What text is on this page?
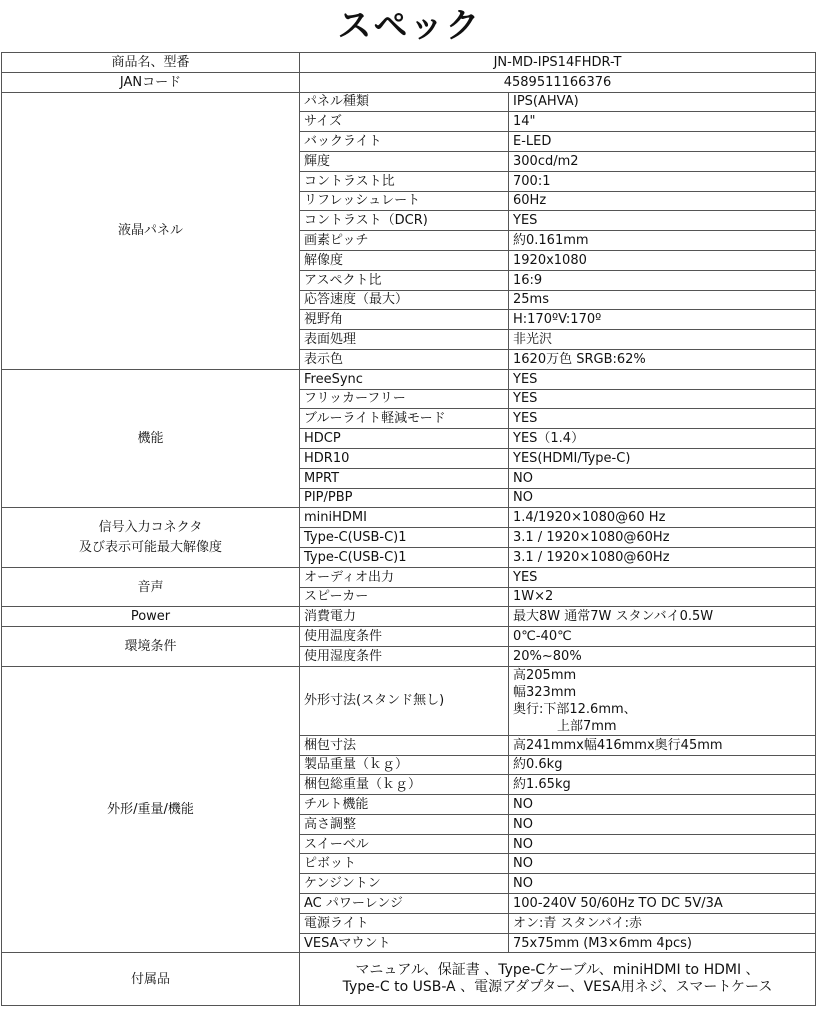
スペック
商品名、型番	JN-MD-IPS14FHDR-T	
JANコード	4589511166376	
液晶パネル	パネル種類	IPS(AHVA)
	サイズ	14"
	バックライト	E-LED
	輝度	300cd/m2
	コントラスト比	700:1
	リフレッシュレート	60Hz
	コントラスト（DCR)	YES
	画素ピッチ	約0.161mm
	解像度	1920x1080
	アスペクト比	16:9
	応答速度（最大）	25ms
	視野角	H:170ºV:170º
	表面処理	非光沢
	表示色	1620万色 SRGB:62%
機能	FreeSync	YES
	フリッカーフリー	YES
	ブルーライト軽減モード	YES
	HDCP	YES（1.4）
	HDR10	YES(HDMI/Type-C)
	MPRT	NO
	PIP/PBP	NO

信号入力コネクタ
及び表示可能最大解像度	miniHDMI	1.4/1920×1080@60 Hz
	Type-C(USB-C)1	3.1 / 1920×1080@60Hz
	Type-C(USB-C)1	3.1 / 1920×1080@60Hz
音声	オーディオ出力	YES
	スピーカー	1W×2
Power	消費電力	最大8W 通常7W スタンバイ0.5W
環境条件	使用温度条件	0℃-40℃
	使用湿度条件	20%~80%
外形/重量/機能	外形寸法(スタンド無し)	高205mm
幅323mm
奥行:下部12.6mm、
上部7mm

	梱包寸法	高241mmx幅416mmx奥行45mm
	製品重量（ｋｇ）	約0.6kg
	梱包総重量（ｋｇ）	約1.65kg
	チルト機能	NO
	高さ調整	NO
	スイーベル	NO
	ピボット	NO
	ケンジントン	NO
	AC パワーレンジ	100-240V 50/60Hz TO DC 5V/3A
	電源ライト	オン:青 スタンバイ:赤
	VESAマウント	75x75mm (M3×6mm 4pcs)
付属品	マニュアル、保証書 、Type-Cケーブル、miniHDMI to HDMI 、
Type-C to USB-A 、電源アダプター、VESA用ネジ、スマートケース	
